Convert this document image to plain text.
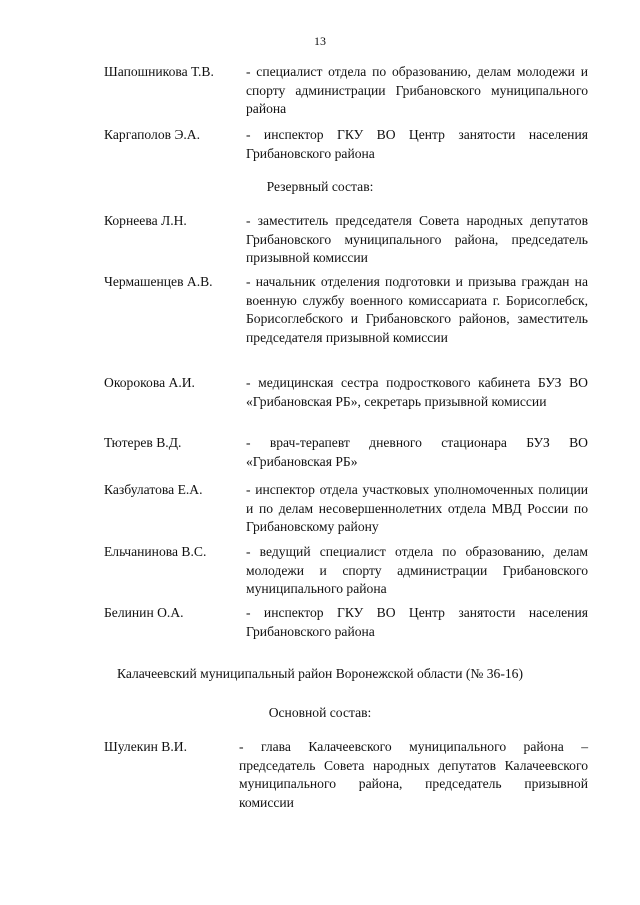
13
Шапошникова Т.В. - специалист отдела по образованию, делам молодежи и спорту администрации Грибановского муниципального района
Каргаполов Э.А.	- инспектор ГКУ ВО Центр занятости населения Грибановского района
Резервный состав:
Корнеева Л.Н.	- заместитель председателя Совета народных депутатов Грибановского муниципального района, председатель призывной комиссии
Чермашенцев А.В. - начальник отделения подготовки и призыва граждан на военную службу военного комиссариата г. Борисоглебск, Борисоглебского и Грибановского районов, заместитель председателя призывной комиссии
Окорокова А.И.	- медицинская сестра подросткового кабинета БУЗ ВО «Грибановская РБ», секретарь призывной комиссии
Тютерев В.Д.	- врач-терапевт дневного стационара БУЗ ВО «Грибановская РБ»
Казбулатова Е.А.	- инспектор отдела участковых уполномоченных полиции и по делам несовершеннолетних отдела МВД России по Грибановскому району
Ельчанинова В.С.	- ведущий специалист отдела по образованию, делам молодежи и спорту администрации Грибановского муниципального района
Белинин О.А.	- инспектор ГКУ ВО Центр занятости населения Грибановского района
Калачеевский муниципальный район Воронежской области (№ 36-16)
Основной состав:
Шулекин В.И.	- глава Калачеевского муниципального района – председатель Совета народных депутатов Калачеевского муниципального района, председатель призывной комиссии
